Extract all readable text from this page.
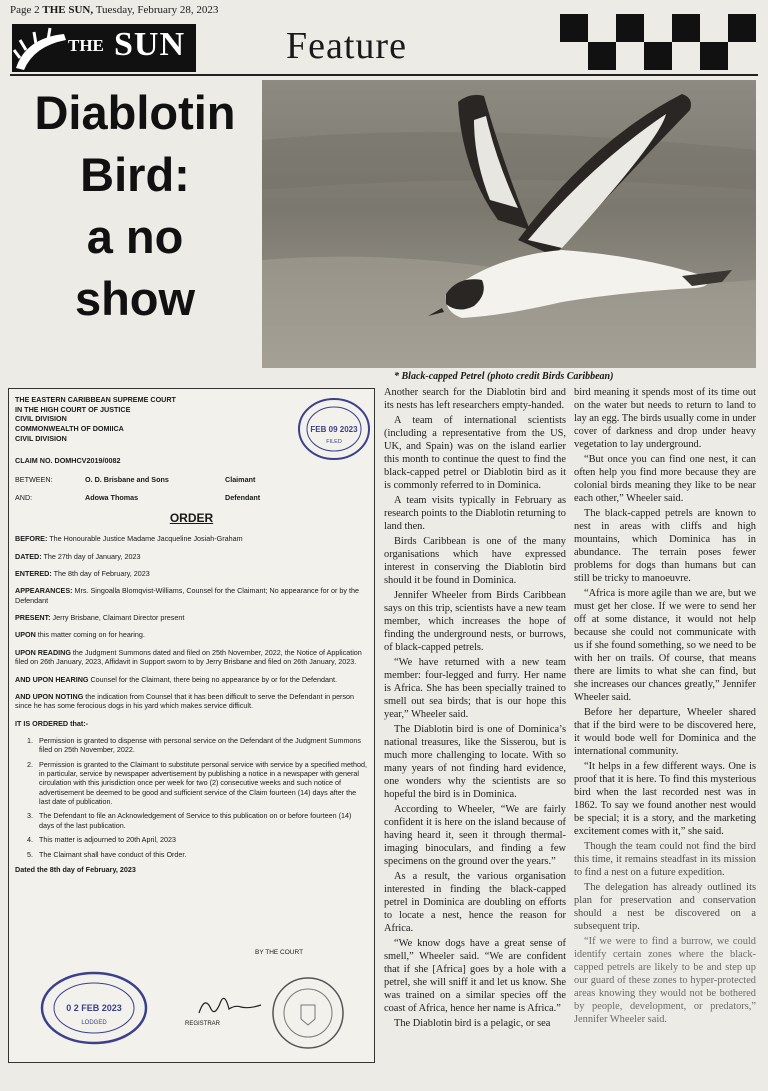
Page 2 THE SUN, Tuesday, February 28, 2023
THE SUN	Feature
Diablotin
Bird:
a no
show
* Black-capped Petrel (photo credit Birds Caribbean)
THE EASTERN CARIBBEAN SUPREME COURT
IN THE HIGH COURT OF JUSTICE
CIVIL DIVISION
COMMONWEALTH OF DOMIICA
CIVIL DIVISION
CLAIM NO. DOMHCV2019/0082
BETWEEN:	O. D. Brisbane and Sons	Claimant
AND:	Adowa Thomas	Defendant
ORDER

BEFORE: The Honourable Justice Madame Jacqueline Josiah-Graham

DATED: The 27th day of January, 2023

ENTERED: The 8th day of February, 2023

APPEARANCES: Mrs. Singoalla Blomqvist-Williams, Counsel for the Claimant; No appearance for or by the Defendant

PRESENT: Jerry Brisbane, Claimant Director present

UPON this matter coming on for hearing.

UPON READING the Judgment Summons dated and filed on 25th November, 2022, the Notice of Application filed on 26th January, 2023, Affidavit in Support sworn to by Jerry Brisbane and filed on 26th January, 2023.

AND UPON HEARING Counsel for the Claimant, there being no appearance by or for the Defendant.

AND UPON NOTING the indication from Counsel that it has been difficult to serve the Defendant in person since he has some ferocious dogs in his yard which makes service difficult.

IT IS ORDERED that:-

1. Permission is granted to dispense with personal service on the Defendant of the Judgment Summons filed on 25th November, 2022.
2. Permission is granted to the Claimant to substitute personal service with service by a specified method, in particular, service by newspaper advertisement by publishing a notice in a newspaper with general circulation with this jurisdiction once per week for two (2) consecutive weeks and such notice of advertisement be deemed to be good and sufficient service of the Claim fourteen (14) days after the last date of publication.
3. The Defendant to file an Acknowledgement of Service to this publication on or before fourteen (14) days of the last publication.
4. This matter is adjourned to 20th April, 2023
5. The Claimant shall have conduct of this Order.
Dated the 8th day of February, 2023
BY THE COURT
REGISTRAR
FEB 09 2023
FILED
0 2 FEB 2023
LODGED

Another search for the Diablotin bird and its nests has left researchers empty-handed.

A team of international scientists (including a representative from the US, UK, and Spain) was on the island earlier this month to continue the quest to find the black-capped petrel or Diablotin bird as it is commonly referred to in Dominica.

A team visits typically in February as research points to the Diablotin returning to land then.

Birds Caribbean is one of the many organisations which have expressed interest in conserving the Diablotin bird should it be found in Dominica.

Jennifer Wheeler from Birds Caribbean says on this trip, scientists have a new team member, which increases the hope of finding the underground nests, or burrows, of black-capped petrels.

“We have returned with a new team member: four-legged and furry. Her name is Africa. She has been specially trained to smell out sea birds; that is our hope this year,” Wheeler said.

The Diablotin bird is one of Dominica’s national treasures, like the Sisserou, but is much more challenging to locate. With so many years of not finding hard evidence, one wonders why the scientists are so hopeful the bird is in Dominica.

According to Wheeler, “We are fairly confident it is here on the island because of having heard it, seen it through thermal-imaging binoculars, and finding a few specimens on the ground over the years.”

As a result, the various organisation interested in finding the black-capped petrel in Dominica are doubling on efforts to locate a nest, hence the reason for Africa.

“We know dogs have a great sense of smell,” Wheeler said. “We are confident that if she [Africa] goes by a hole with a petrel, she will sniff it and let us know. She was trained on a similar species off the coast of Africa, hence her name is Africa.”

The Diablotin bird is a pelagic, or sea

bird meaning it spends most of its time out on the water but needs to return to land to lay an egg. The birds usually come in under cover of darkness and drop under heavy vegetation to lay underground.

“But once you can find one nest, it can often help you find more because they are colonial birds meaning they like to be near each other,” Wheeler said.

The black-capped petrels are known to nest in areas with cliffs and high mountains, which Dominica has in abundance. The terrain poses fewer problems for dogs than humans but can still be tricky to manoeuvre.

“Africa is more agile than we are, but we must get her close. If we were to send her off at some distance, it would not help because she could not communicate with us if she found something, so we need to be with her on trails. Of course, that means there are limits to what she can find, but she increases our chances greatly,” Jennifer Wheeler said.

Before her departure, Wheeler shared that if the bird were to be discovered here, it would bode well for Dominica and the international community.

“It helps in a few different ways. One is proof that it is here. To find this mysterious bird when the last recorded nest was in 1862. To say we found another nest would be special; it is a story, and the marketing excitement comes with it,” she said.

Though the team could not find the bird this time, it remains steadfast in its mission to find a nest on a future expedition.

The delegation has already outlined its plan for preservation and conservation should a nest be discovered on a subsequent trip.

“If we were to find a burrow, we could identify certain zones where the black-capped petrels are likely to be and step up our guard of these zones to hyper-protected areas knowing they would not be bothered by people, development, or predators,” Jennifer Wheeler said.
